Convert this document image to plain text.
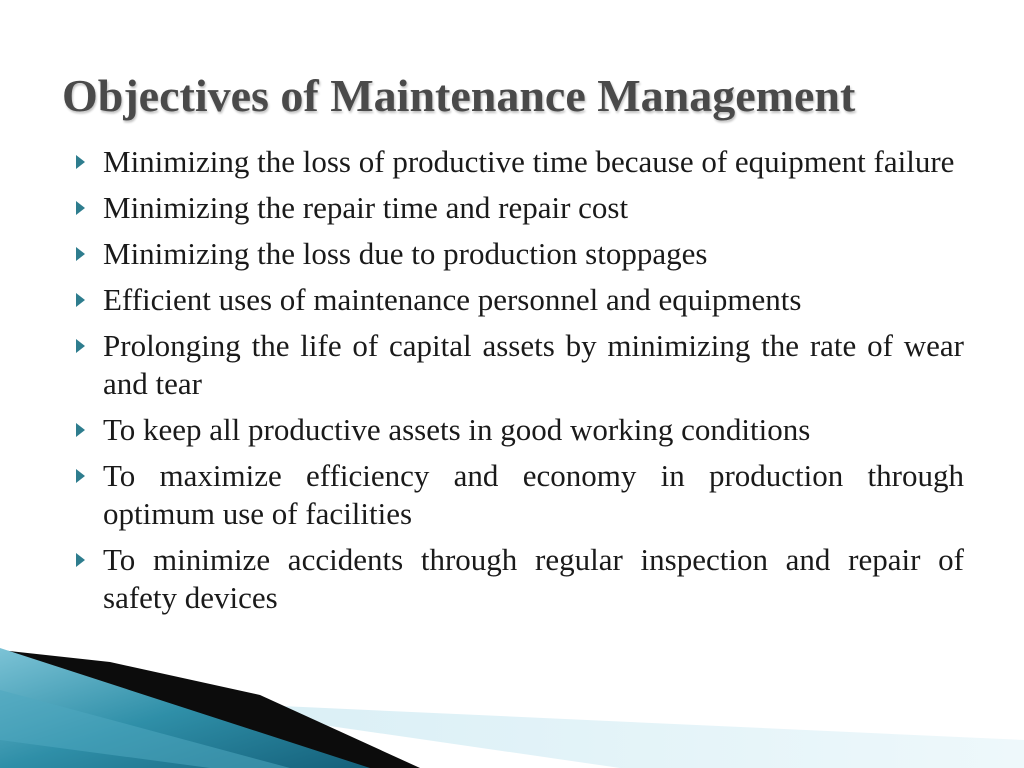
Objectives of Maintenance Management
Minimizing the loss of productive time because of equipment failure
Minimizing the repair time and repair cost
Minimizing the loss due to production stoppages
Efficient uses of maintenance personnel and equipments
Prolonging the life of capital assets by minimizing the rate of wear and tear
To keep all productive assets in good working conditions
To maximize efficiency and economy in production through optimum use of facilities
To minimize accidents through regular inspection and repair of safety devices
